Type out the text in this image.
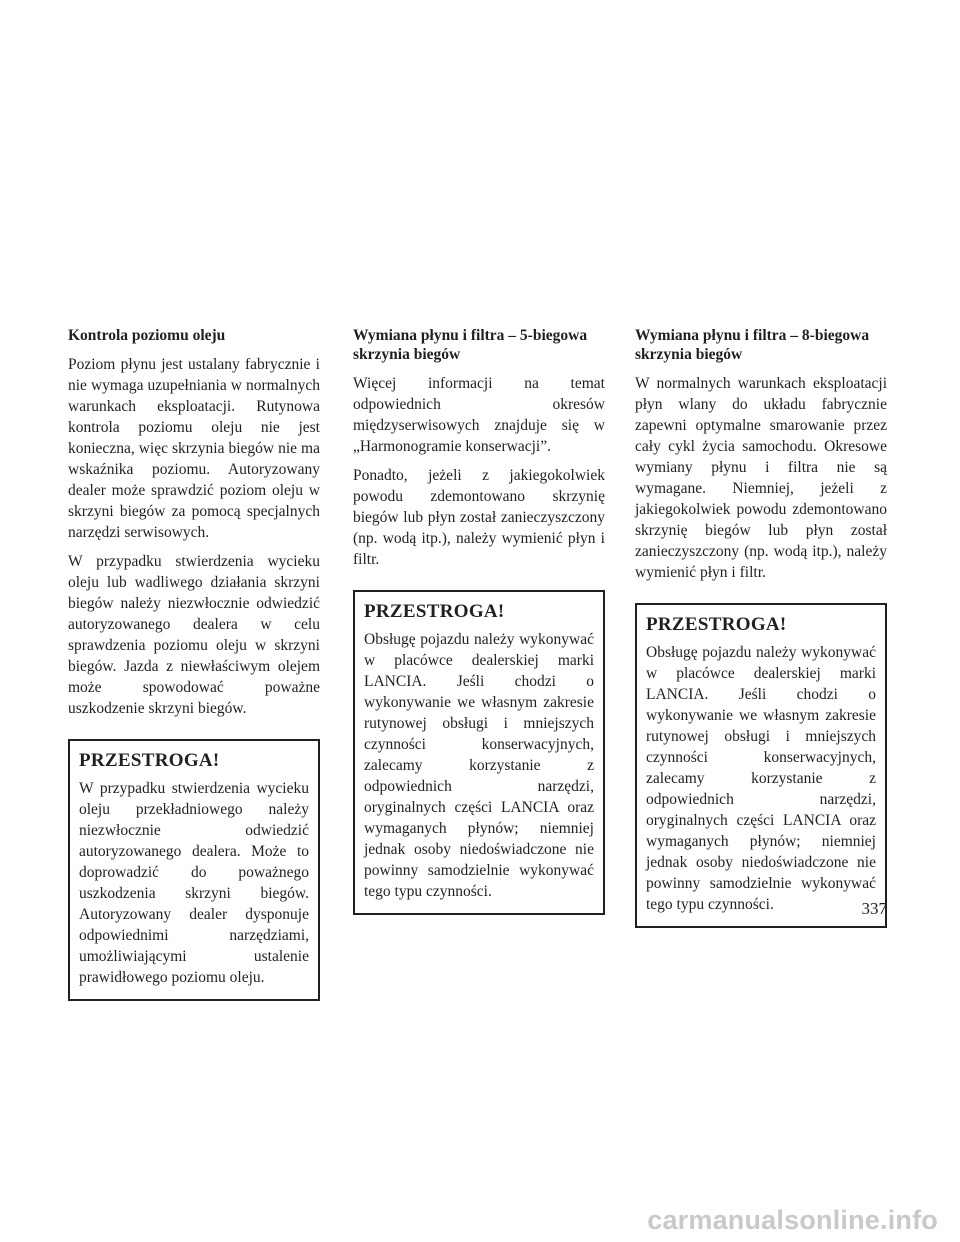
Kontrola poziomu oleju

Poziom płynu jest ustalany fabrycznie i nie wymaga uzupełniania w normalnych warunkach eksploatacji. Rutynowa kontrola poziomu oleju nie jest konieczna, więc skrzynia biegów nie ma wskaźnika poziomu. Autoryzowany dealer może sprawdzić poziom oleju w skrzyni biegów za pomocą specjalnych narzędzi serwisowych.

W przypadku stwierdzenia wycieku oleju lub wadliwego działania skrzyni biegów należy niezwłocznie odwiedzić autoryzowanego dealera w celu sprawdzenia poziomu oleju w skrzyni biegów. Jazda z niewłaściwym olejem może spowodować poważne uszkodzenie skrzyni biegów.

PRZESTROGA!

W przypadku stwierdzenia wycieku oleju przekładniowego należy niezwłocznie odwiedzić autoryzowanego dealera. Może to doprowadzić do poważnego uszkodzenia skrzyni biegów. Autoryzowany dealer dysponuje odpowiednimi narzędziami, umożliwiającymi ustalenie prawidłowego poziomu oleju.

Wymiana płynu i filtra – 5-biegowa skrzynia biegów

Więcej informacji na temat odpowiednich okresów międzyserwisowych znajduje się w „Harmonogramie konserwacji”.

Ponadto, jeżeli z jakiegokolwiek powodu zdemontowano skrzynię biegów lub płyn został zanieczyszczony (np. wodą itp.), należy wymienić płyn i filtr.

PRZESTROGA!

Obsługę pojazdu należy wykonywać w placówce dealerskiej marki LANCIA. Jeśli chodzi o wykonywanie we własnym zakresie rutynowej obsługi i mniejszych czynności konserwacyjnych, zalecamy korzystanie z odpowiednich narzędzi, oryginalnych części LANCIA oraz wymaganych płynów; niemniej jednak osoby niedoświadczone nie powinny samodzielnie wykonywać tego typu czynności.

Wymiana płynu i filtra – 8-biegowa skrzynia biegów

W normalnych warunkach eksploatacji płyn wlany do układu fabrycznie zapewni optymalne smarowanie przez cały cykl życia samochodu. Okresowe wymiany płynu i filtra nie są wymagane. Niemniej, jeżeli z jakiegokolwiek powodu zdemontowano skrzynię biegów lub płyn został zanieczyszczony (np. wodą itp.), należy wymienić płyn i filtr.

PRZESTROGA!

Obsługę pojazdu należy wykonywać w placówce dealerskiej marki LANCIA. Jeśli chodzi o wykonywanie we własnym zakresie rutynowej obsługi i mniejszych czynności konserwacyjnych, zalecamy korzystanie z odpowiednich narzędzi, oryginalnych części LANCIA oraz wymaganych płynów; niemniej jednak osoby niedoświadczone nie powinny samodzielnie wykonywać tego typu czynności.	337
carmanualsonline.info
